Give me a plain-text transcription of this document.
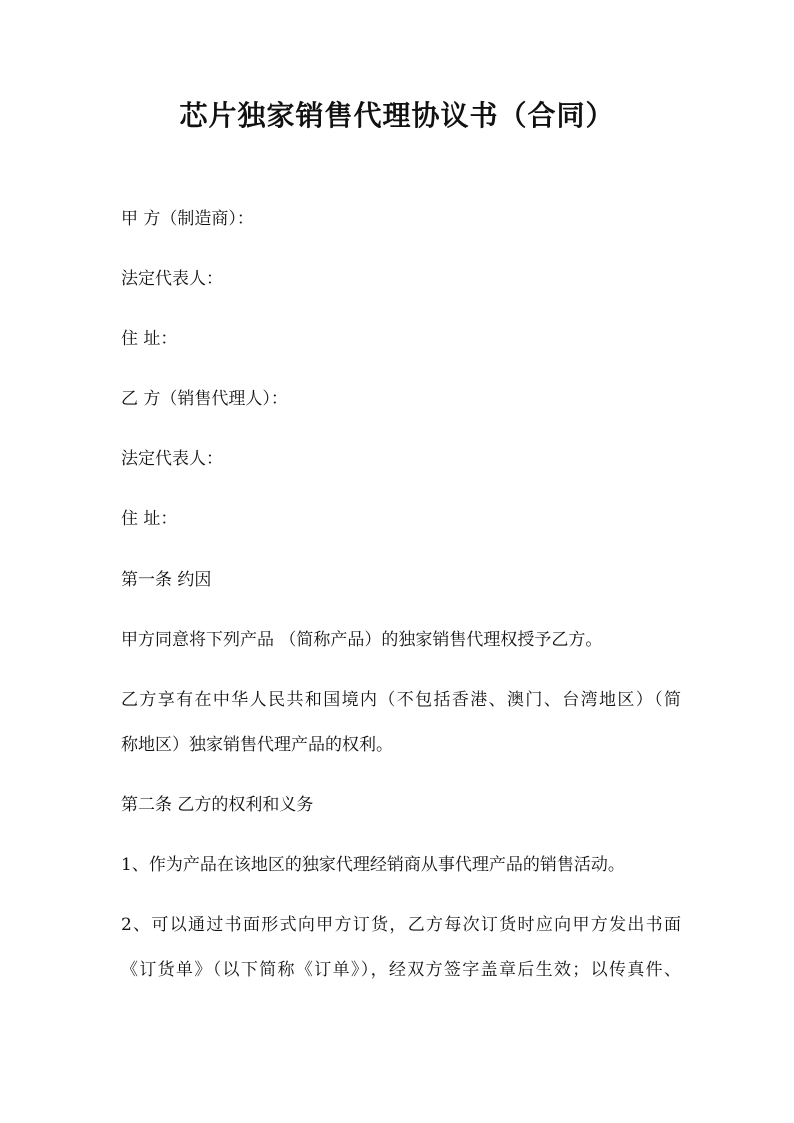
芯片独家销售代理协议书（合同）

甲 方（制造商）：

法定代表人：

住 址：

乙 方（销售代理人）：

法定代表人：

住 址：

第一条 约因

甲方同意将下列产品 （简称产品）的独家销售代理权授予乙方。

乙方享有在中华人民共和国境内（不包括香港、澳门、台湾地区）（简

称地区）独家销售代理产品的权利。

第二条 乙方的权利和义务

1、作为产品在该地区的独家代理经销商从事代理产品的销售活动。

2、可以通过书面形式向甲方订货，乙方每次订货时应向甲方发出书面

《订货单》（以下简称《订单》），经双方签字盖章后生效；以传真件、
